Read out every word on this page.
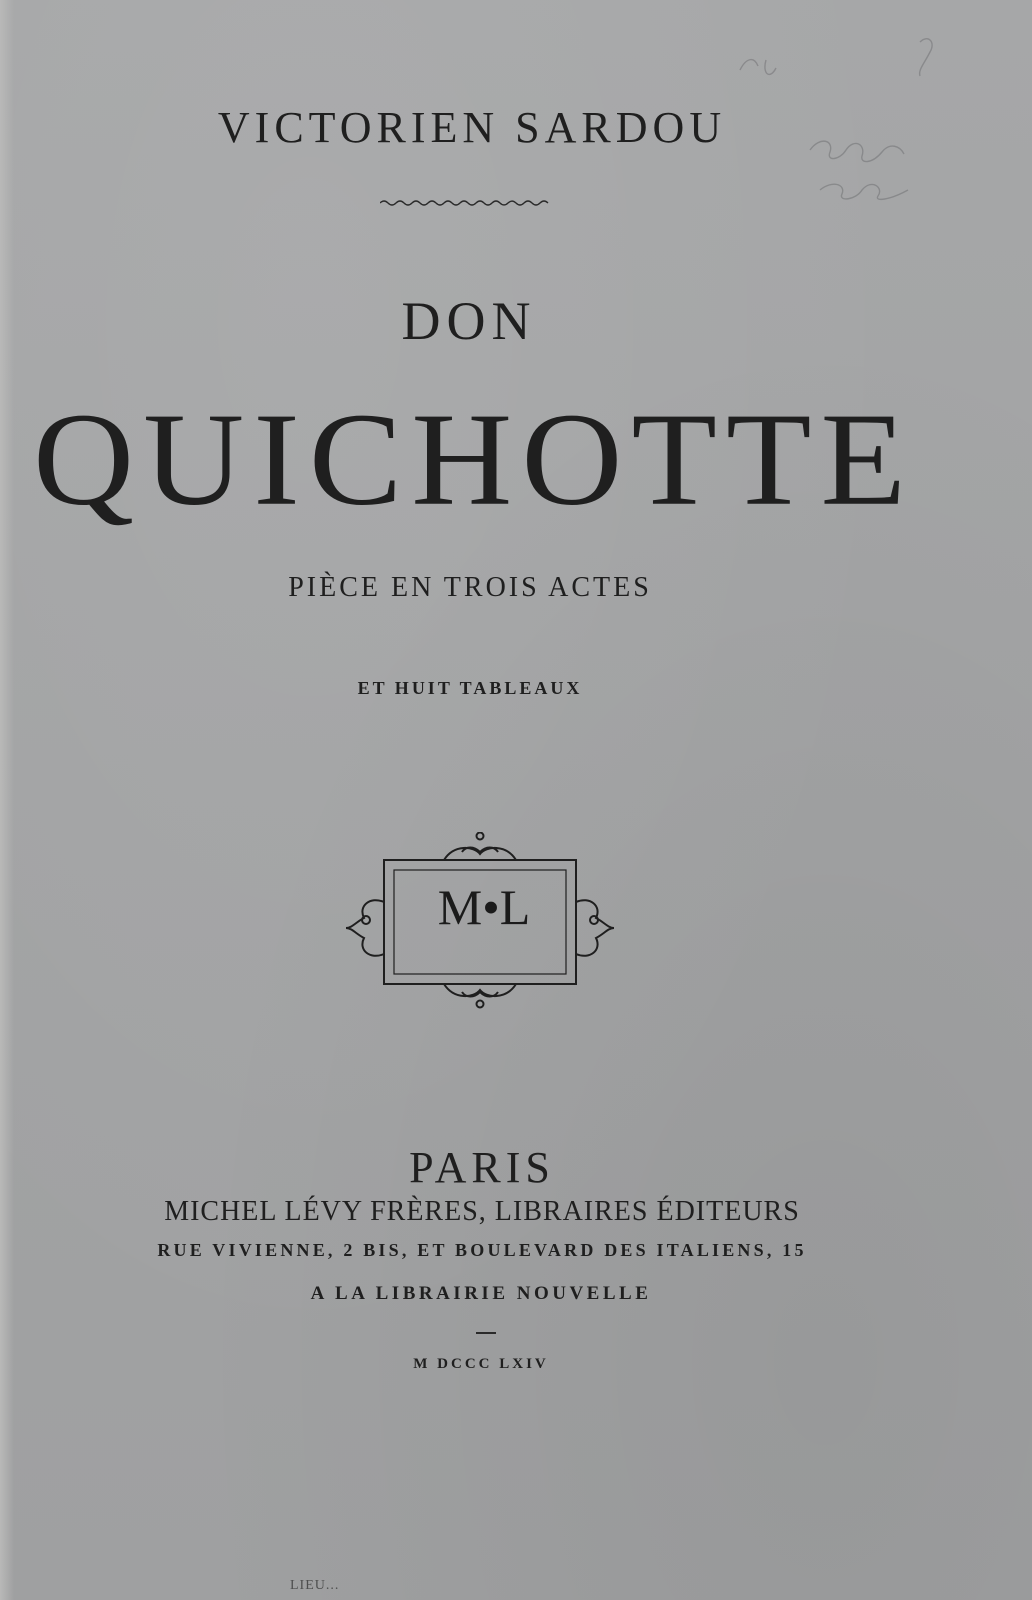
VICTORIEN SARDOU
DON
QUICHOTTE
PIÈCE EN TROIS ACTES
ET HUIT TABLEAUX
M•L
PARIS
MICHEL LÉVY FRÈRES, LIBRAIRES ÉDITEURS
RUE VIVIENNE, 2 BIS, ET BOULEVARD DES ITALIENS, 15
A LA LIBRAIRIE NOUVELLE
M DCCC LXIV
LIEU...
